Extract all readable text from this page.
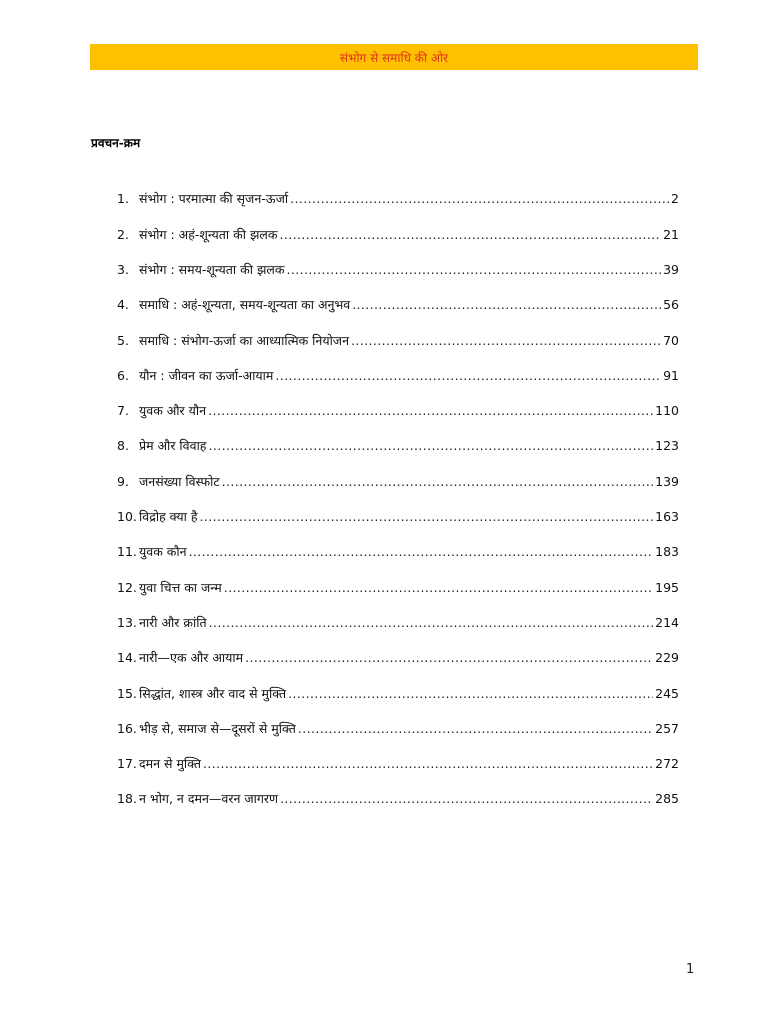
संभोग से समाधि की ओर
प्रवचन-क्रम
1. संभोग : परमात्मा की सृजन-ऊर्जा .....	2
2. संभोग : अहं-शून्यता की झलक .....	21
3. संभोग : समय-शून्यता की झलक .....	39
4. समाधि : अहं-शून्यता, समय-शून्यता का अनुभव .....	56
5. समाधि : संभोग-ऊर्जा का आध्यात्मिक नियोजन .....	70
6. यौन : जीवन का ऊर्जा-आयाम .....	91
7. युवक और यौन .....	110
8. प्रेम और विवाह .....	123
9. जनसंख्या विस्फोट .....	139
10. विद्रोह क्या है .....	163
11. युवक कौन .....	183
12. युवा चित्त का जन्म .....	195
13. नारी और क्रांति .....	214
14. नारी—एक और आयाम .....	229
15. सिद्धांत, शास्त्र और वाद से मुक्ति .....	245
16. भीड़ से, समाज से—दूसरों से मुक्ति .....	257
17. दमन से मुक्ति .....	272
18. न भोग, न दमन—वरन जागरण .....	285
1
